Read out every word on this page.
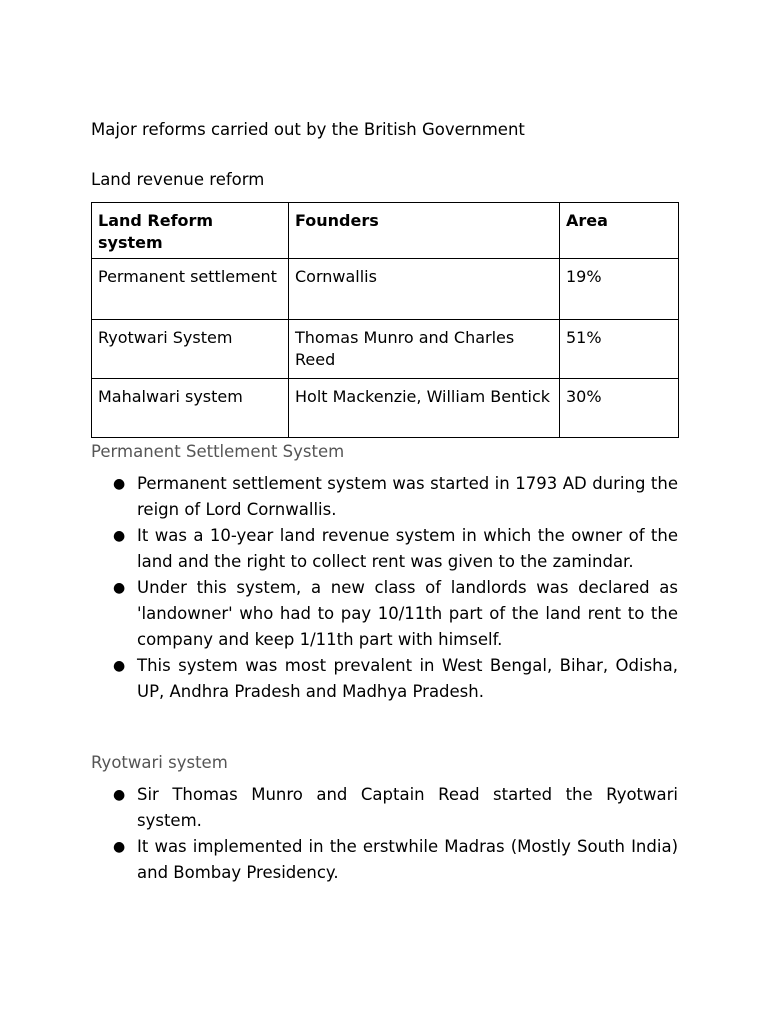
Major reforms carried out by the British Government
Land revenue reform
Land Reform system	Founders	Area
Permanent settlement	Cornwallis	19%
Ryotwari System	Thomas Munro and Charles Reed	51%
Mahalwari system	Holt Mackenzie, William Bentick	30%
Permanent Settlement System
● Permanent settlement system was started in 1793 AD during the reign of Lord Cornwallis.
● It was a 10-year land revenue system in which the owner of the land and the right to collect rent was given to the zamindar.
● Under this system, a new class of landlords was declared as 'landowner' who had to pay 10/11th part of the land rent to the company and keep 1/11th part with himself.
● This system was most prevalent in West Bengal, Bihar, Odisha, UP, Andhra Pradesh and Madhya Pradesh.
Ryotwari system
● Sir Thomas Munro and Captain Read started the Ryotwari system.
● It was implemented in the erstwhile Madras (Mostly South India) and Bombay Presidency.
